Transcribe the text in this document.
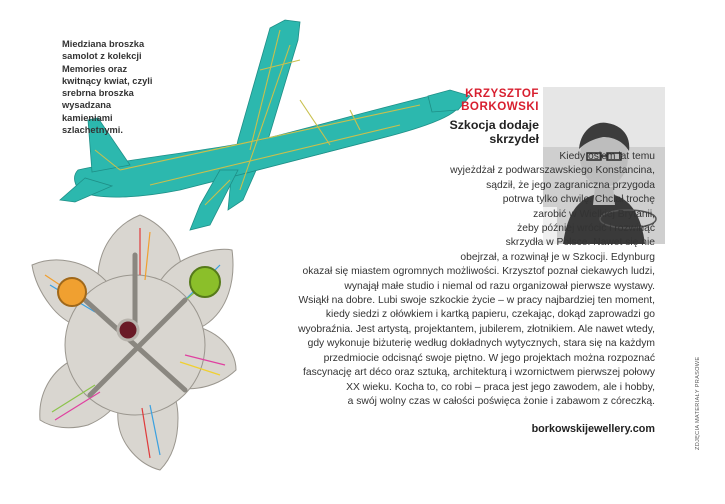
Miedziana broszka
samolot z kolekcji
Memories oraz
kwitnący kwiat, czyli
srebrna broszka
wysadzana
kamieniami
szlachetnymi.
KRZYSZTOF
BORKOWSKI
Szkocja dodaje
skrzydeł
Kiedy osiem lat temu
wyjeżdżał z podwarszawskiego Konstancina,
sądził, że jego zagraniczna przygoda
potrwa tylko chwilę. Chciał trochę
zarobić w Wielkiej Brytanii,
żeby później wrócić i rozwinąć
skrzydła w Polsce. Nawet się nie
obejrzał, a rozwinął je w Szkocji. Edynburg
okazał się miastem ogromnych możliwości. Krzysztof poznał ciekawych ludzi,
wynajął małe studio i niemal od razu organizował pierwsze wystawy.
Wsiąkł na dobre. Lubi swoje szkockie życie – w pracy najbardziej ten moment,
kiedy siedzi z ołówkiem i kartką papieru, czekając, dokąd zaprowadzi go
wyobraźnia. Jest artystą, projektantem, jubilerem, złotnikiem. Ale nawet wtedy,
gdy wykonuje biżuterię według dokładnych wytycznych, stara się na każdym
przedmiocie odcisnąć swoje piętno. W jego projektach można rozpoznać
fascynację art déco oraz sztuką, architekturą i wzornictwem pierwszej połowy
XX wieku. Kocha to, co robi – praca jest jego zawodem, ale i hobby,
a swój wolny czas w całości poświęca żonie i zabawom z córeczką.
borkowskijewellery.com	ZDJĘCIA MATERIAŁY PRASOWE
